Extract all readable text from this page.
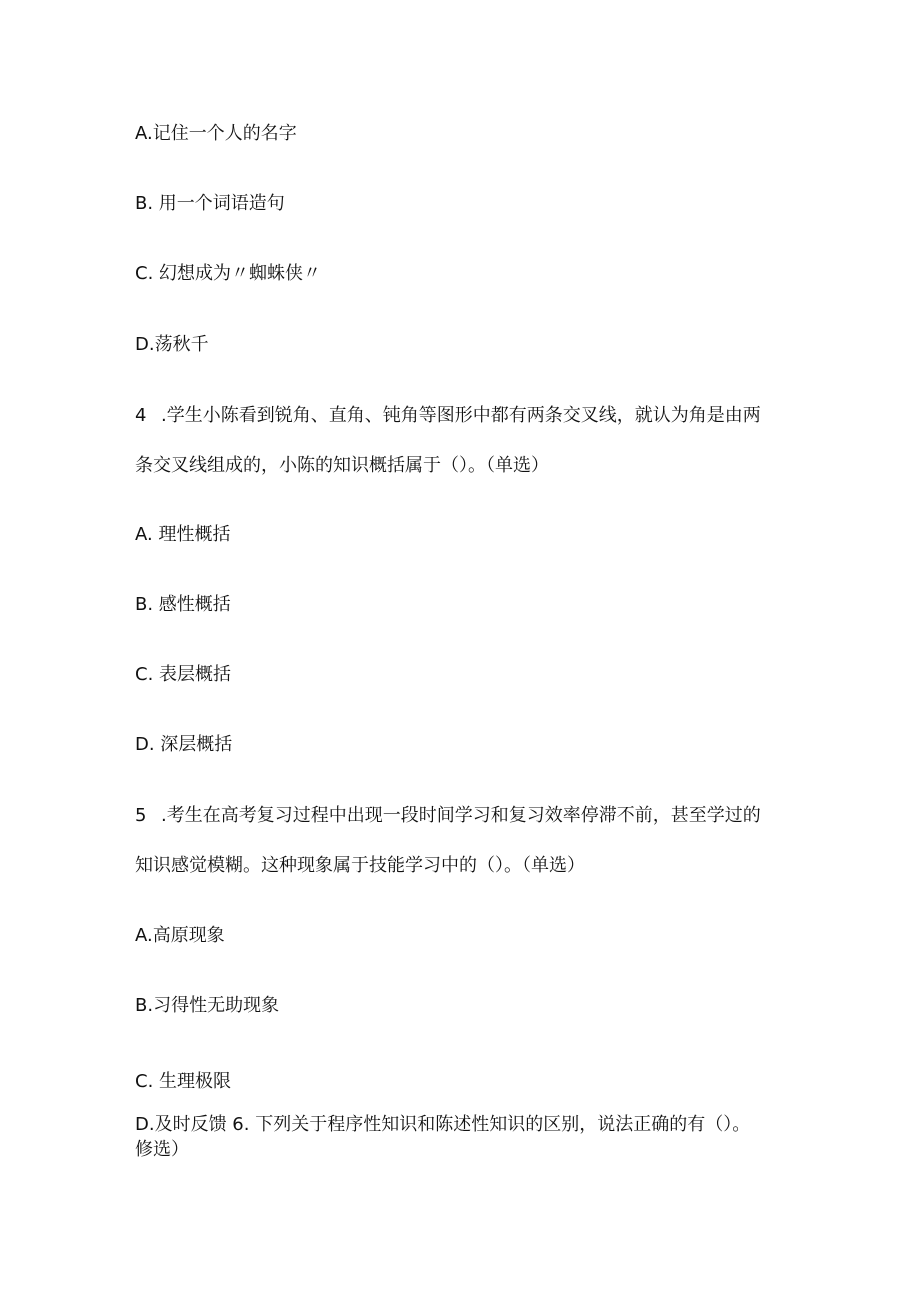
A.记住一个人的名字

B. 用一个词语造句

C. 幻想成为〃蜘蛛侠〃

D.荡秋千

4 .学生小陈看到锐角、直角、钝角等图形中都有两条交叉线，就认为角是由两

条交叉线组成的，小陈的知识概括属于（）。（单选）

A. 理性概括

B. 感性概括

C. 表层概括

D. 深层概括

5 .考生在高考复习过程中出现一段时间学习和复习效率停滞不前，甚至学过的

知识感觉模糊。这种现象属于技能学习中的（）。（单选）

A.高原现象

B.习得性无助现象

C. 生理极限

D.及时反馈 6. 下列关于程序性知识和陈述性知识的区别，说法正确的有（）。

修选）
